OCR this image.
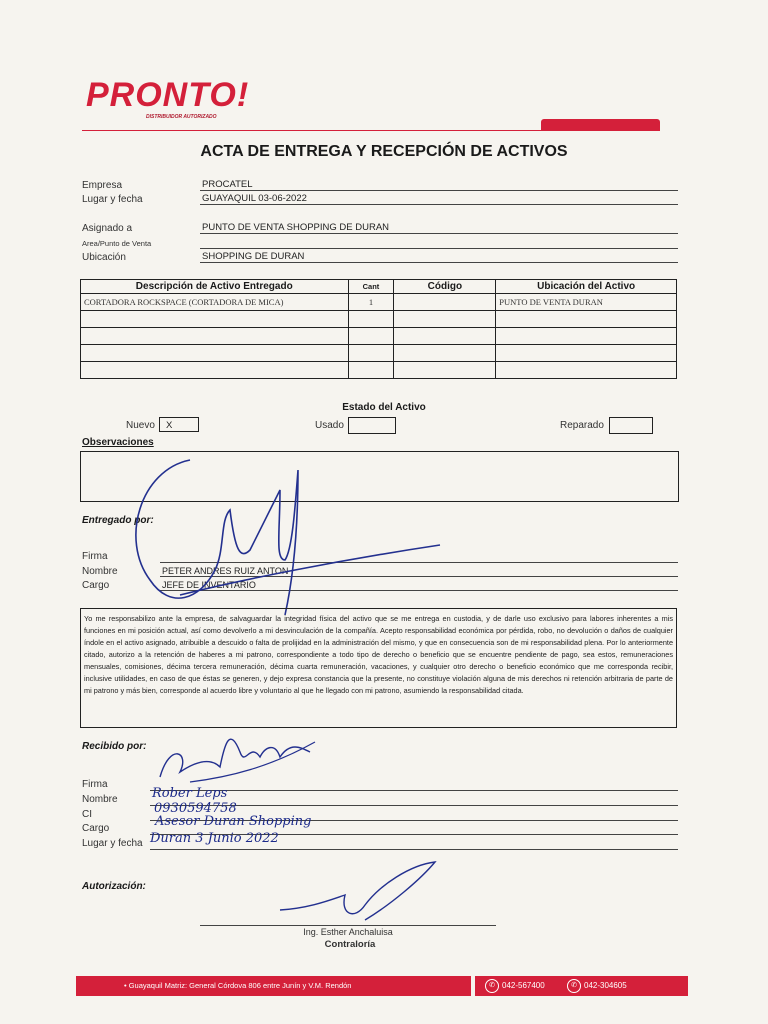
PRONTO!
DISTRIBUIDOR AUTORIZADO
ACTA DE ENTREGA Y RECEPCIÓN DE ACTIVOS
Empresa	PROCATEL
Lugar y fecha	GUAYAQUIL 03-06-2022
Asignado a	PUNTO DE VENTA SHOPPING DE DURAN
Area/Punto de Venta
Ubicación	SHOPPING DE DURAN
Descripción de Activo Entregado	Cant	Código	Ubicación del Activo
CORTADORA ROCKSPACE (CORTADORA DE MICA)	1		PUNTO DE VENTA DURAN

Estado del Activo
Nuevo	X	Usado	Reparado
Observaciones
Entregado por:
Firma
Nombre	PETER ANDRES RUIZ ANTON
Cargo	JEFE DE INVENTARIO
Yo me responsabilizo ante la empresa, de salvaguardar la integridad física del activo que se me entrega en custodia, y de darle uso exclusivo para labores inherentes a mis funciones en mi posición actual, así como devolverlo a mi desvinculación de la compañía. Acepto responsabilidad económica por pérdida, robo, no devolución o daños de cualquier índole en el activo asignado, atribuible a descuido o falta de prolijidad en la administración del mismo, y que en consecuencia son de mi responsabilidad plena. Por lo anteriormente citado, autorizo a la retención de haberes a mi patrono, correspondiente a todo tipo de derecho o beneficio que se encuentre pendiente de pago, sea estos, remuneraciones mensuales, comisiones, décima tercera remuneración, décima cuarta remuneración, vacaciones, y cualquier otro derecho o beneficio económico que me corresponda recibir, inclusive utilidades, en caso de que éstas se generen, y dejo expresa constancia que la presente, no constituye violación alguna de mis derechos ni retención arbitraria de parte de mi patrono y más bien, corresponde al acuerdo libre y voluntario al que he llegado con mi patrono, asumiendo la responsabilidad citada.
Recibido por:
Firma
Nombre	Rober Leps
CI	0930594758
Cargo	Asesor Duran Shopping
Lugar y fecha Duran 3 Junio 2022
Autorización:
Ing. Esther Anchaluisa
Contraloría
• Guayaquil Matriz: General Córdova 806 entre Junín y V.M. Rendón	✆ 042-567400	✆ 042-304605
